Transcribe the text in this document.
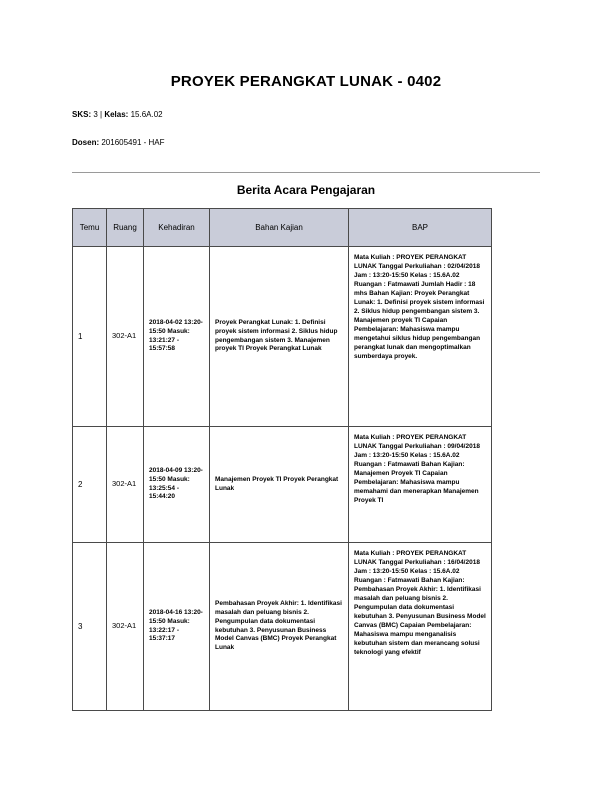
PROYEK PERANGKAT LUNAK - 0402
SKS: 3 | Kelas: 15.6A.02
Dosen: 201605491 - HAF
Berita Acara Pengajaran
Temu	Ruang	Kehadiran	Bahan Kajian	BAP
1	302-A1	2018-04-02 13:20-15:50 Masuk: 13:21:27 - 15:57:58	Proyek Perangkat Lunak: 1. Definisi proyek sistem informasi 2. Siklus hidup pengembangan sistem 3. Manajemen proyek TI Proyek Perangkat Lunak	Mata Kuliah : PROYEK PERANGKAT LUNAK Tanggal Perkuliahan : 02/04/2018 Jam : 13:20-15:50 Kelas : 15.6A.02 Ruangan : Fatmawati Jumlah Hadir : 18 mhs Bahan Kajian: Proyek Perangkat Lunak: 1. Definisi proyek sistem informasi 2. Siklus hidup pengembangan sistem 3. Manajemen proyek TI Capaian Pembelajaran: Mahasiswa mampu mengetahui siklus hidup pengembangan perangkat lunak dan mengoptimalkan sumberdaya proyek.
2	302-A1	2018-04-09 13:20-15:50 Masuk: 13:25:54 - 15:44:20	Manajemen Proyek TI Proyek Perangkat Lunak	Mata Kuliah : PROYEK PERANGKAT LUNAK Tanggal Perkuliahan : 09/04/2018 Jam : 13:20-15:50 Kelas : 15.6A.02 Ruangan : Fatmawati Bahan Kajian: Manajemen Proyek TI Capaian Pembelajaran: Mahasiswa mampu memahami dan menerapkan Manajemen Proyek TI
3	302-A1	2018-04-16 13:20-15:50 Masuk: 13:22:17 - 15:37:17	Pembahasan Proyek Akhir: 1. Identifikasi masalah dan peluang bisnis 2. Pengumpulan data dokumentasi kebutuhan 3. Penyusunan Business Model Canvas (BMC) Proyek Perangkat Lunak	Mata Kuliah : PROYEK PERANGKAT LUNAK Tanggal Perkuliahan : 16/04/2018 Jam : 13:20-15:50 Kelas : 15.6A.02 Ruangan : Fatmawati Bahan Kajian: Pembahasan Proyek Akhir: 1. Identifikasi masalah dan peluang bisnis 2. Pengumpulan data dokumentasi kebutuhan 3. Penyusunan Business Model Canvas (BMC) Capaian Pembelajaran: Mahasiswa mampu menganalisis kebutuhan sistem dan merancang solusi teknologi yang efektif
